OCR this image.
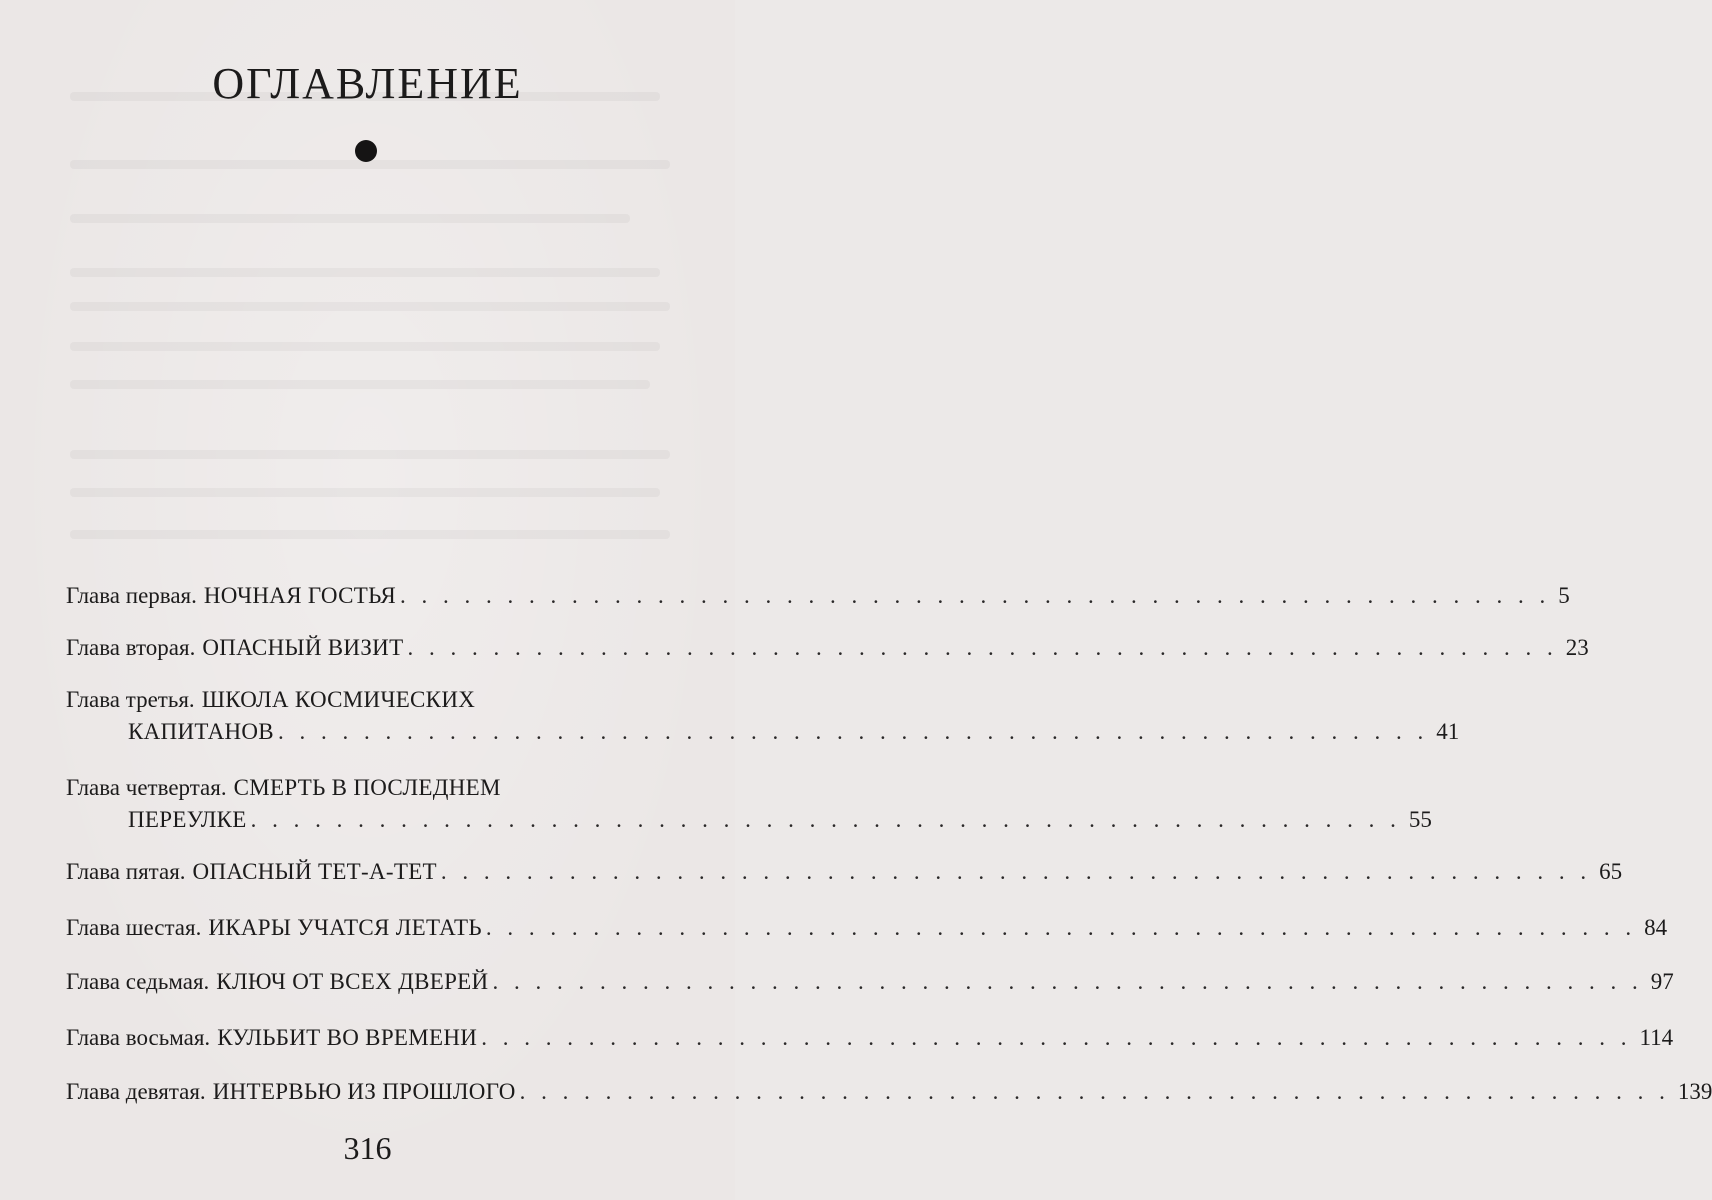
ОГЛАВЛЕНИЕ
Глава первая. НОЧНАЯ ГОСТЬЯ . . . . . . . . . . . . . . . . . . . . . . . . . . . . . . . . . . . . . . . . . . . . . . . . . . . . . . 5
Глава вторая. ОПАСНЫЙ ВИЗИТ . . . . . . . . . . . . . . . . . . . . . . . . . . . . . . . . . . . . . . . . . . . . . . . . . . . . . . 23
Глава третья. ШКОЛА КОСМИЧЕСКИХ
КАПИТАНОВ . . . . . . . . . . . . . . . . . . . . . . . . . . . . . . . . . . . . . . . . . . . . . . . . . . . . . . 41
Глава четвертая. СМЕРТЬ В ПОСЛЕДНЕМ
ПЕРЕУЛКЕ . . . . . . . . . . . . . . . . . . . . . . . . . . . . . . . . . . . . . . . . . . . . . . . . . . . . . . 55
Глава пятая. ОПАСНЫЙ ТЕТ-А-ТЕТ . . . . . . . . . . . . . . . . . . . . . . . . . . . . . . . . . . . . . . . . . . . . . . . . . . . . . . 65
Глава шестая. ИКАРЫ УЧАТСЯ ЛЕТАТЬ . . . . . . . . . . . . . . . . . . . . . . . . . . . . . . . . . . . . . . . . . . . . . . . . . . . . . . 84
Глава седьмая. КЛЮЧ ОТ ВСЕХ ДВЕРЕЙ . . . . . . . . . . . . . . . . . . . . . . . . . . . . . . . . . . . . . . . . . . . . . . . . . . . . . . 97
Глава восьмая. КУЛЬБИТ ВО ВРЕМЕНИ . . . . . . . . . . . . . . . . . . . . . . . . . . . . . . . . . . . . . . . . . . . . . . . . . . . . . . 114
Глава девятая. ИНТЕРВЬЮ ИЗ ПРОШЛОГО . . . . . . . . . . . . . . . . . . . . . . . . . . . . . . . . . . . . . . . . . . . . . . . . . . . . . . 139
316
